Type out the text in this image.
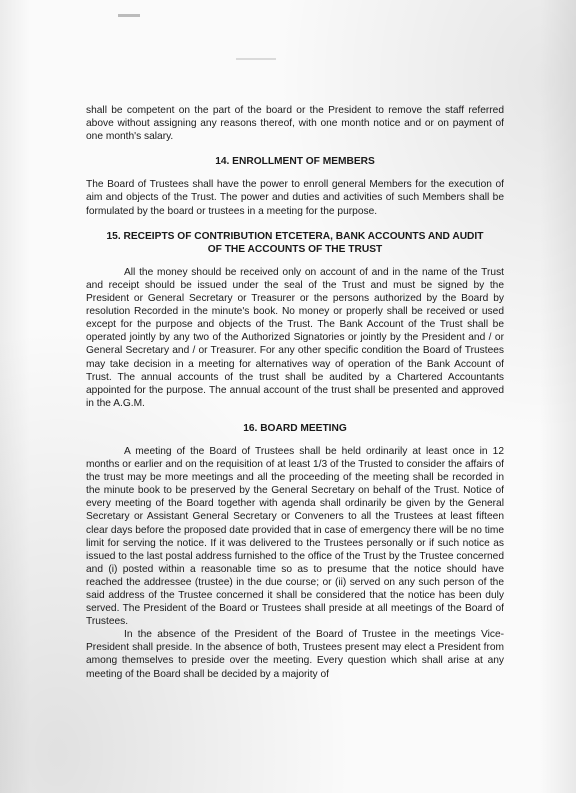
shall be competent on the part of the board or the President to remove the staff referred above without assigning any reasons thereof, with one month notice and or on payment of one month's salary.

14. ENROLLMENT OF MEMBERS

The Board of Trustees shall have the power to enroll general Members for the execution of aim and objects of the Trust. The power and duties and activities of such Members shall be formulated by the board or trustees in a meeting for the purpose.

15. RECEIPTS OF CONTRIBUTION ETCETERA, BANK ACCOUNTS AND AUDIT OF THE ACCOUNTS OF THE TRUST

All the money should be received only on account of and in the name of the Trust and receipt should be issued under the seal of the Trust and must be signed by the President or General Secretary or Treasurer or the persons authorized by the Board by resolution Recorded in the minute's book. No money or properly shall be received or used except for the purpose and objects of the Trust. The Bank Account of the Trust shall be operated jointly by any two of the Authorized Signatories or jointly by the President and / or General Secretary and / or Treasurer. For any other specific condition the Board of Trustees may take decision in a meeting for alternatives way of operation of the Bank Account of Trust. The annual accounts of the trust shall be audited by a Chartered Accountants appointed for the purpose. The annual account of the trust shall be presented and approved in the A.G.M.

16. BOARD MEETING

A meeting of the Board of Trustees shall be held ordinarily at least once in 12 months or earlier and on the requisition of at least 1/3 of the Trusted to consider the affairs of the trust may be more meetings and all the proceeding of the meeting shall be recorded in the minute book to be preserved by the General Secretary on behalf of the Trust. Notice of every meeting of the Board together with agenda shall ordinarily be given by the General Secretary or Assistant General Secretary or Conveners to all the Trustees at least fifteen clear days before the proposed date provided that in case of emergency there will be no time limit for serving the notice. If it was delivered to the Trustees personally or if such notice as issued to the last postal address furnished to the office of the Trust by the Trustee concerned and (i) posted within a reasonable time so as to presume that the notice should have reached the addressee (trustee) in the due course; or (ii) served on any such person of the said address of the Trustee concerned it shall be considered that the notice has been duly served. The President of the Board or Trustees shall preside at all meetings of the Board of Trustees.

In the absence of the President of the Board of Trustee in the meetings Vice-President shall preside. In the absence of both, Trustees present may elect a President from among themselves to preside over the meeting. Every question which shall arise at any meeting of the Board shall be decided by a majority of
